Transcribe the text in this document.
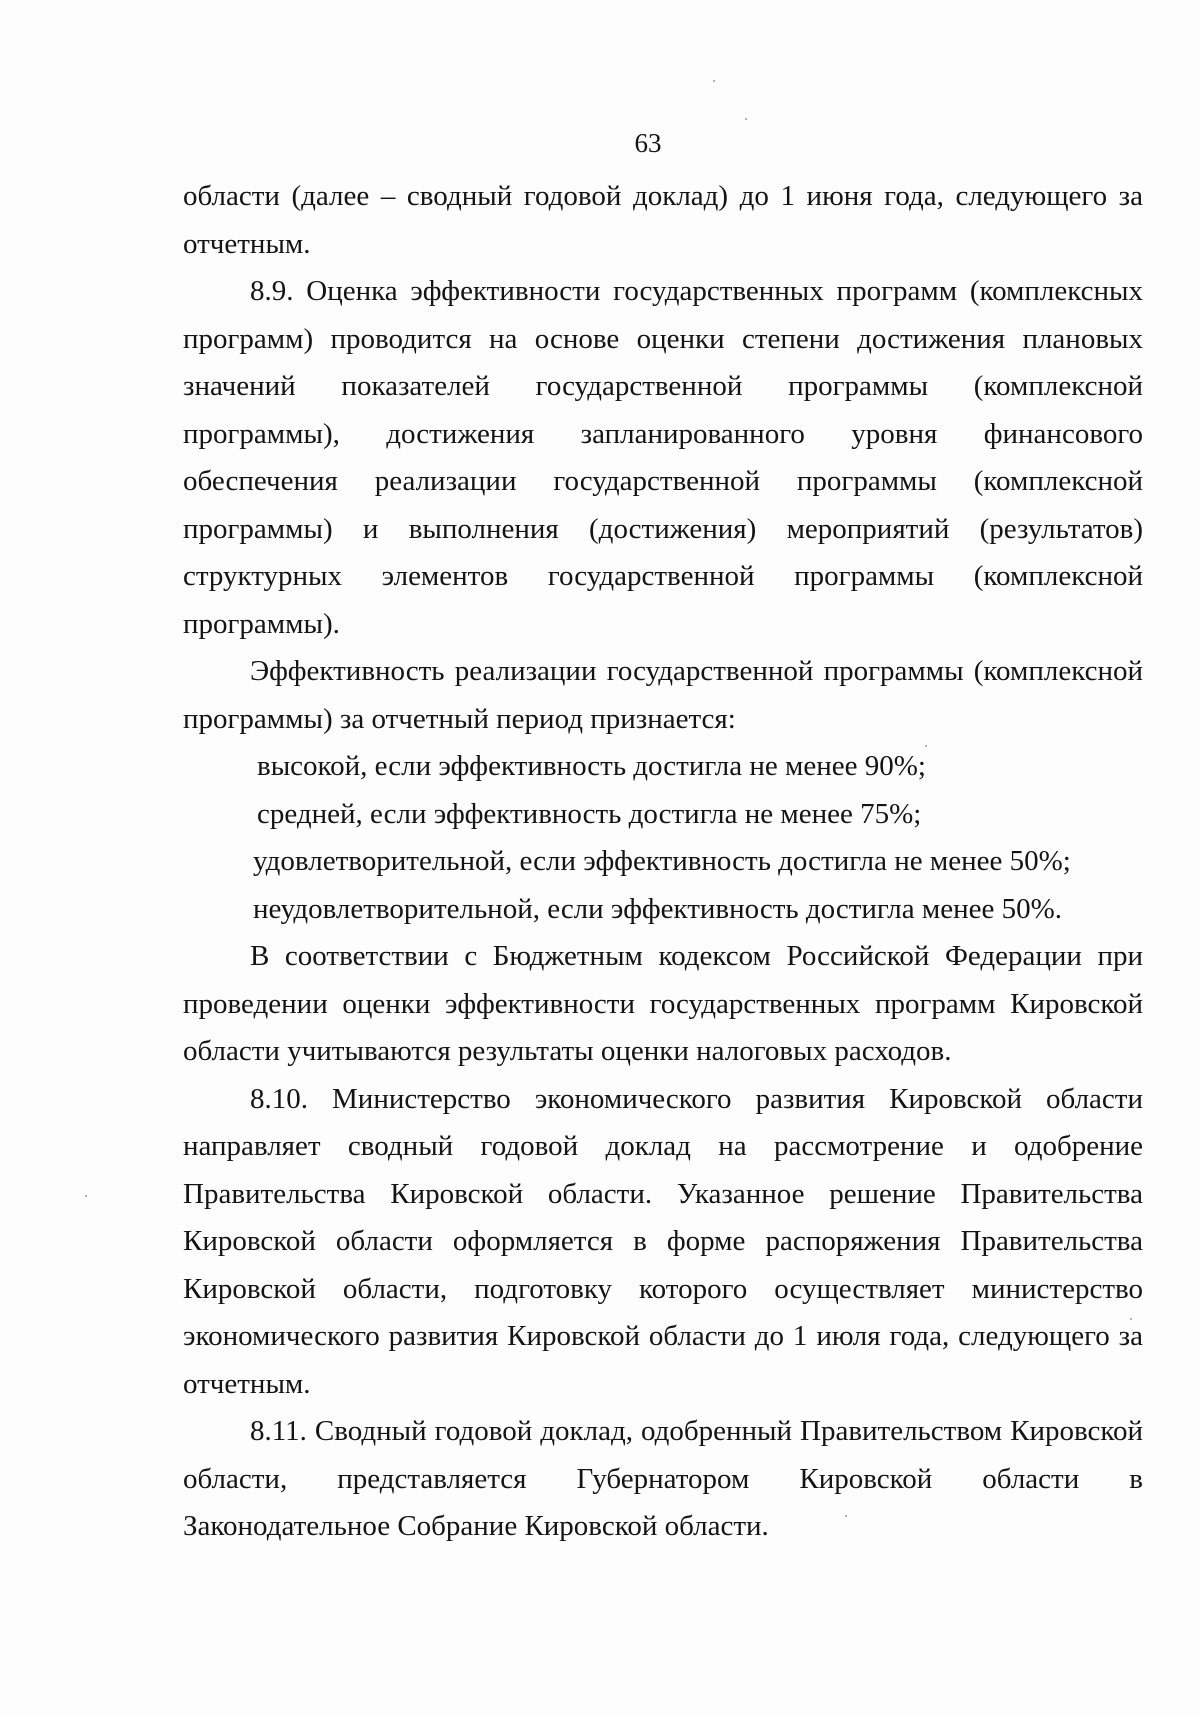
63

области (далее – сводный годовой доклад) до 1 июня года, следующего за отчетным.

8.9. Оценка эффективности государственных программ (комплексных программ) проводится на основе оценки степени достижения плановых значений показателей государственной программы (комплексной программы), достижения запланированного уровня финансового обеспечения реализации государственной программы (комплексной программы) и выполнения (достижения) мероприятий (результатов) структурных элементов государственной программы (комплексной программы).

Эффективность реализации государственной программы (комплексной программы) за отчетный период признается:

высокой, если эффективность достигла не менее 90%;

средней, если эффективность достигла не менее 75%;

удовлетворительной, если эффективность достигла не менее 50%;

неудовлетворительной, если эффективность достигла менее 50%.

В соответствии с Бюджетным кодексом Российской Федерации при проведении оценки эффективности государственных программ Кировской области учитываются результаты оценки налоговых расходов.

8.10. Министерство экономического развития Кировской области направляет сводный годовой доклад на рассмотрение и одобрение Правительства Кировской области. Указанное решение Правительства Кировской области оформляется в форме распоряжения Правительства Кировской области, подготовку которого осуществляет министерство экономического развития Кировской области до 1 июля года, следующего за отчетным.

8.11. Сводный годовой доклад, одобренный Правительством Кировской области, представляется Губернатором Кировской области в Законодательное Собрание Кировской области.
